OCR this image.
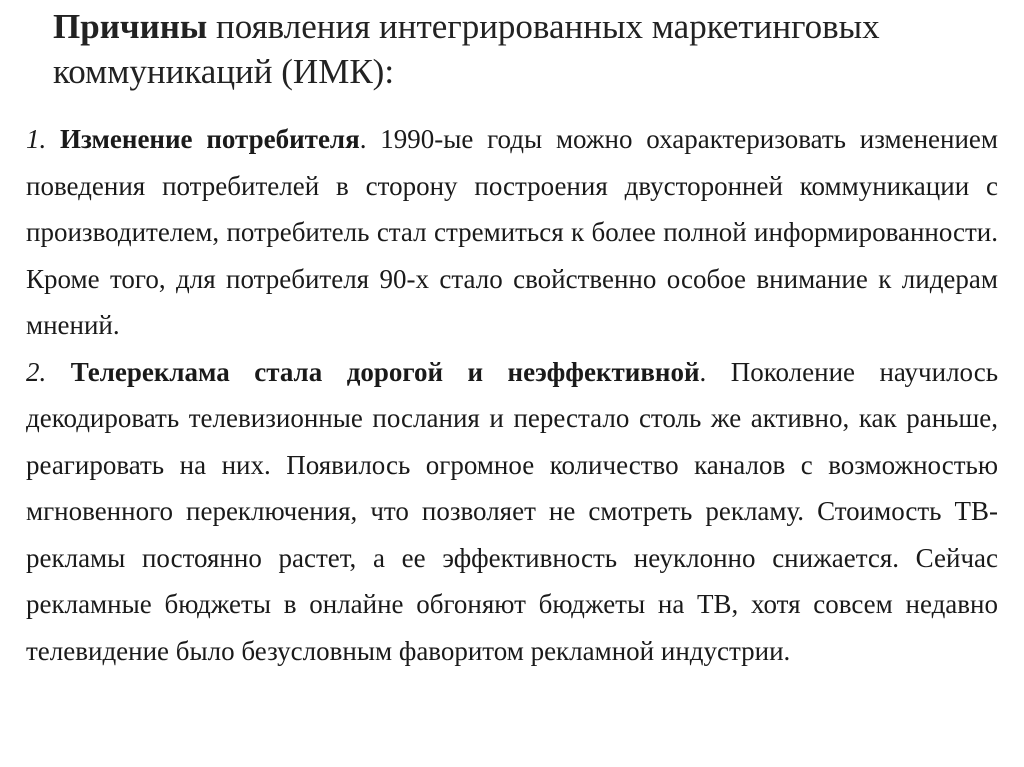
Причины появления интегрированных маркетинговых коммуникаций (ИМК):

1. Изменение потребителя. 1990-ые годы можно охарактеризовать изменением поведения потребителей в сторону построения двусторонней коммуникации с производителем, потребитель стал стремиться к более полной информированности. Кроме того, для потребителя 90-х стало свойственно особое внимание к лидерам мнений.

2. Телереклама стала дорогой и неэффективной. Поколение научилось декодировать телевизионные послания и перестало столь же активно, как раньше, реагировать на них. Появилось огромное количество каналов с возможностью мгновенного переключения, что позволяет не смотреть рекламу. Стоимость ТВ-рекламы постоянно растет, а ее эффективность неуклонно снижается. Сейчас рекламные бюджеты в онлайне обгоняют бюджеты на ТВ, хотя совсем недавно телевидение было безусловным фаворитом рекламной индустрии.
